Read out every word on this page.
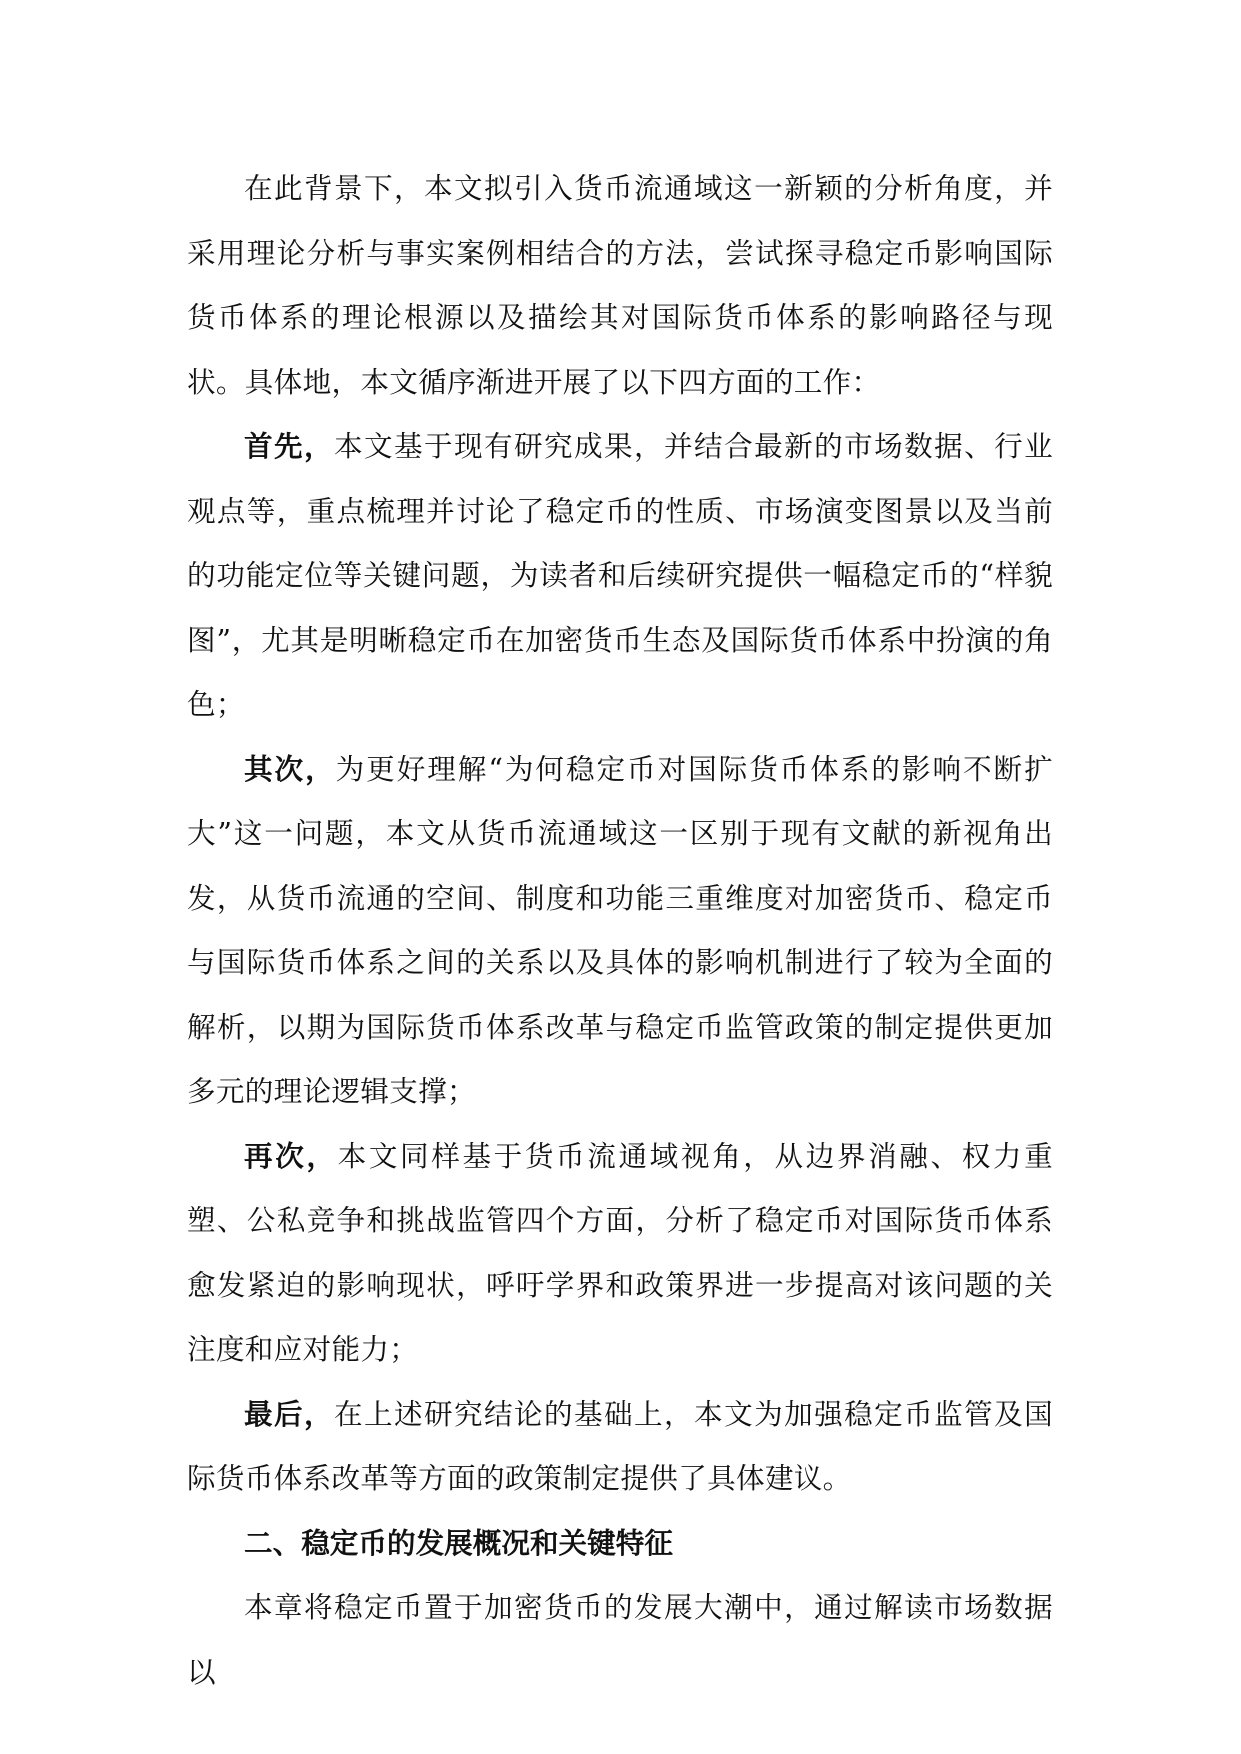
在此背景下，本文拟引入货币流通域这一新颖的分析角度，并采用理论分析与事实案例相结合的方法，尝试探寻稳定币影响国际货币体系的理论根源以及描绘其对国际货币体系的影响路径与现状。具体地，本文循序渐进开展了以下四方面的工作：

首先，本文基于现有研究成果，并结合最新的市场数据、行业观点等，重点梳理并讨论了稳定币的性质、市场演变图景以及当前的功能定位等关键问题，为读者和后续研究提供一幅稳定币的“样貌图”，尤其是明晰稳定币在加密货币生态及国际货币体系中扮演的角色；

其次，为更好理解“为何稳定币对国际货币体系的影响不断扩大”这一问题，本文从货币流通域这一区别于现有文献的新视角出发，从货币流通的空间、制度和功能三重维度对加密货币、稳定币与国际货币体系之间的关系以及具体的影响机制进行了较为全面的解析，以期为国际货币体系改革与稳定币监管政策的制定提供更加多元的理论逻辑支撑；

再次，本文同样基于货币流通域视角，从边界消融、权力重塑、公私竞争和挑战监管四个方面，分析了稳定币对国际货币体系愈发紧迫的影响现状，呼吁学界和政策界进一步提高对该问题的关注度和应对能力；

最后，在上述研究结论的基础上，本文为加强稳定币监管及国际货币体系改革等方面的政策制定提供了具体建议。

二、稳定币的发展概况和关键特征

本章将稳定币置于加密货币的发展大潮中，通过解读市场数据以
